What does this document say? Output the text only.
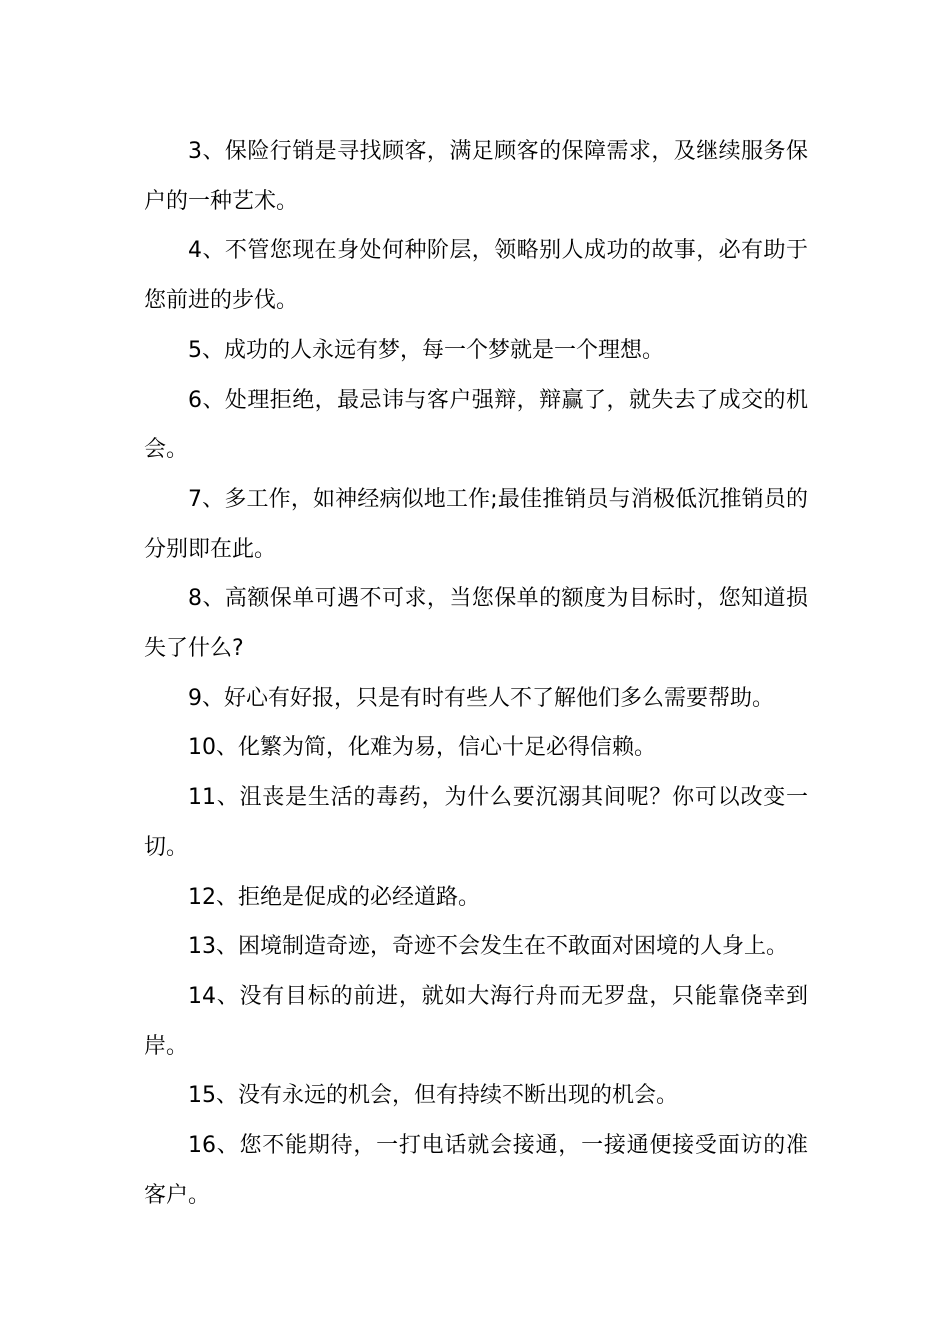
3、保险行销是寻找顾客，满足顾客的保障需求，及继续服务保户的一种艺术。

4、不管您现在身处何种阶层，领略别人成功的故事，必有助于您前进的步伐。

5、成功的人永远有梦，每一个梦就是一个理想。

6、处理拒绝，最忌讳与客户强辩，辩赢了，就失去了成交的机会。

7、多工作，如神经病似地工作;最佳推销员与消极低沉推销员的分别即在此。

8、高额保单可遇不可求，当您保单的额度为目标时，您知道损失了什么?

9、好心有好报，只是有时有些人不了解他们多么需要帮助。

10、化繁为简，化难为易，信心十足必得信赖。

11、沮丧是生活的毒药，为什么要沉溺其间呢？你可以改变一切。

12、拒绝是促成的必经道路。

13、困境制造奇迹，奇迹不会发生在不敢面对困境的人身上。

14、没有目标的前进，就如大海行舟而无罗盘，只能靠侥幸到岸。

15、没有永远的机会，但有持续不断出现的机会。

16、您不能期待，一打电话就会接通，一接通便接受面访的准客户。
